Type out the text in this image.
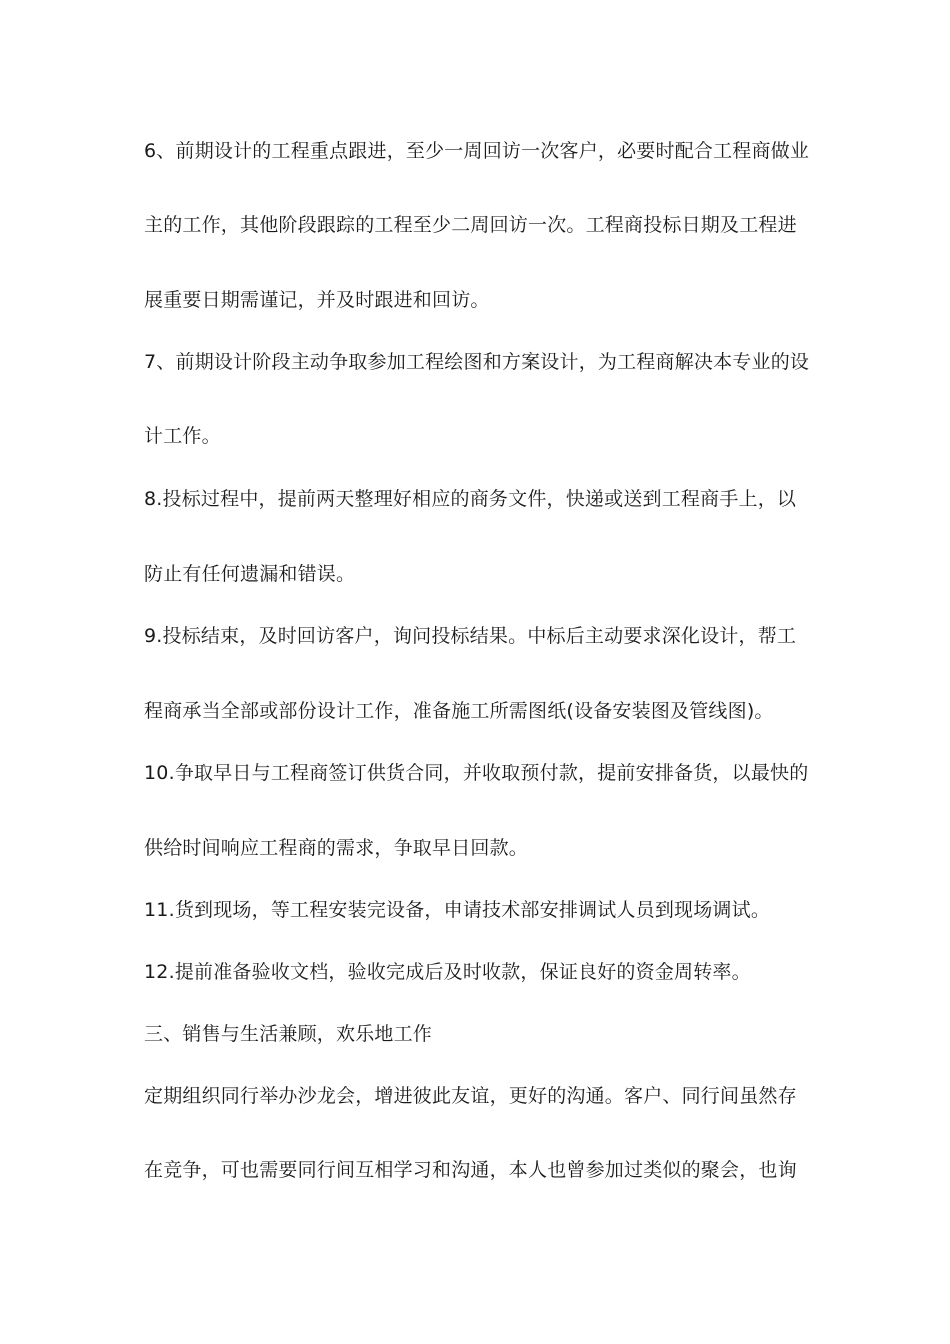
6、前期设计的工程重点跟进，至少一周回访一次客户，必要时配合工程商做业
主的工作，其他阶段跟踪的工程至少二周回访一次。工程商投标日期及工程进
展重要日期需谨记，并及时跟进和回访。
7、前期设计阶段主动争取参加工程绘图和方案设计，为工程商解决本专业的设
计工作。
8.投标过程中，提前两天整理好相应的商务文件，快递或送到工程商手上，以
防止有任何遗漏和错误。
9.投标结束，及时回访客户，询问投标结果。中标后主动要求深化设计，帮工
程商承当全部或部份设计工作，准备施工所需图纸(设备安装图及管线图)。
10.争取早日与工程商签订供货合同，并收取预付款，提前安排备货，以最快的
供给时间响应工程商的需求，争取早日回款。
11.货到现场，等工程安装完设备，申请技术部安排调试人员到现场调试。
12.提前准备验收文档，验收完成后及时收款，保证良好的资金周转率。
三、销售与生活兼顾，欢乐地工作
定期组织同行举办沙龙会，增进彼此友谊，更好的沟通。客户、同行间虽然存
在竞争，可也需要同行间互相学习和沟通，本人也曾参加过类似的聚会，也询
